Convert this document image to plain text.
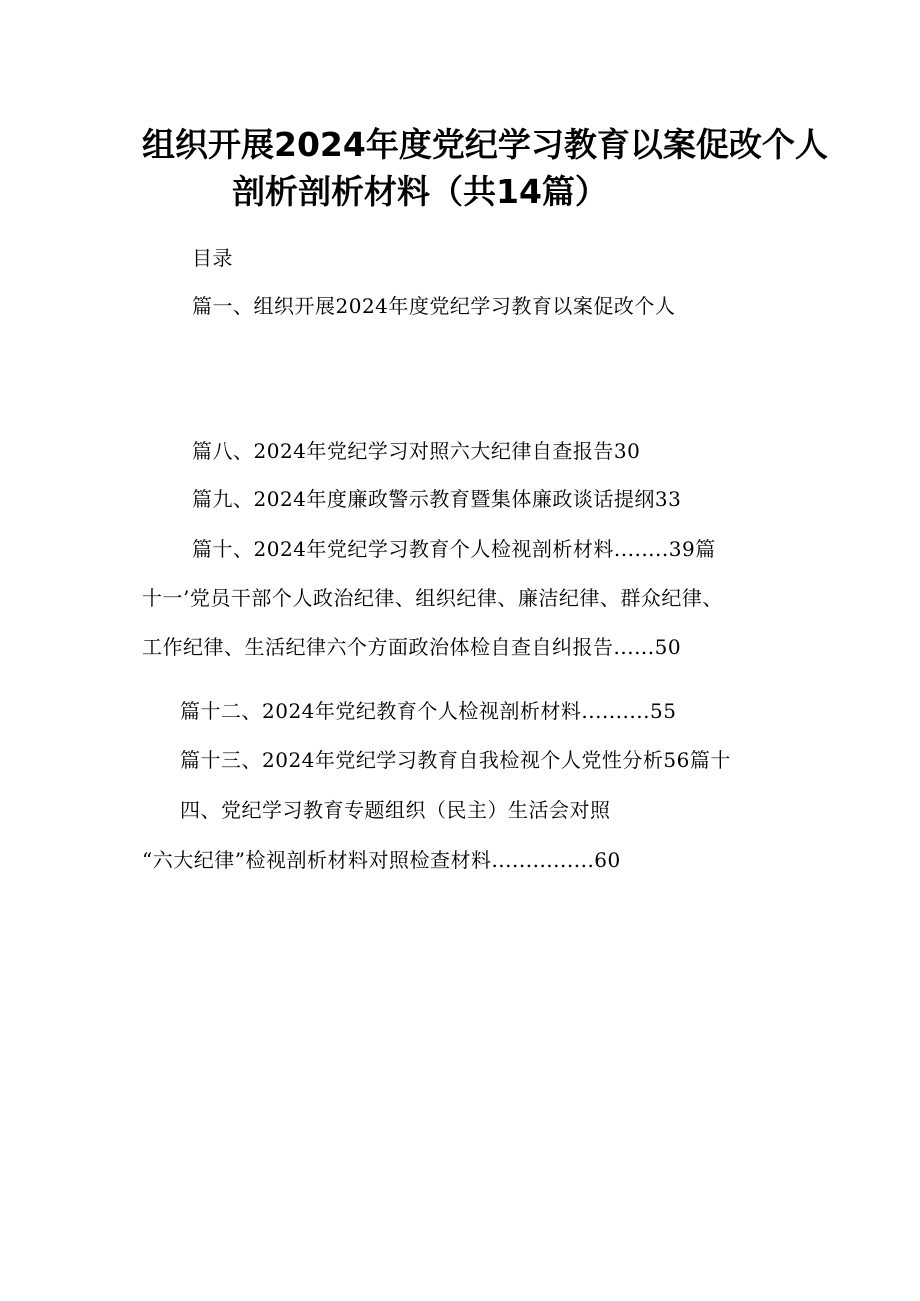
组织开展2024年度党纪学习教育以案促改个人
剖析剖析材料（共14篇）
目录
篇一、组织开展2024年度党纪学习教育以案促改个人
篇八、2024年党纪学习对照六大纪律自查报告30
篇九、2024年度廉政警示教育暨集体廉政谈话提纲33
篇十、2024年党纪学习教育个人检视剖析材料........39篇
十一’党员干部个人政治纪律、组织纪律、廉洁纪律、群众纪律、
工作纪律、生活纪律六个方面政治体检自查自纠报告......50
篇十二、2024年党纪教育个人检视剖析材料..........55
篇十三、2024年党纪学习教育自我检视个人党性分析56篇十
四、党纪学习教育专题组织（民主）生活会对照
“六大纪律”检视剖析材料对照检查材料...............60
